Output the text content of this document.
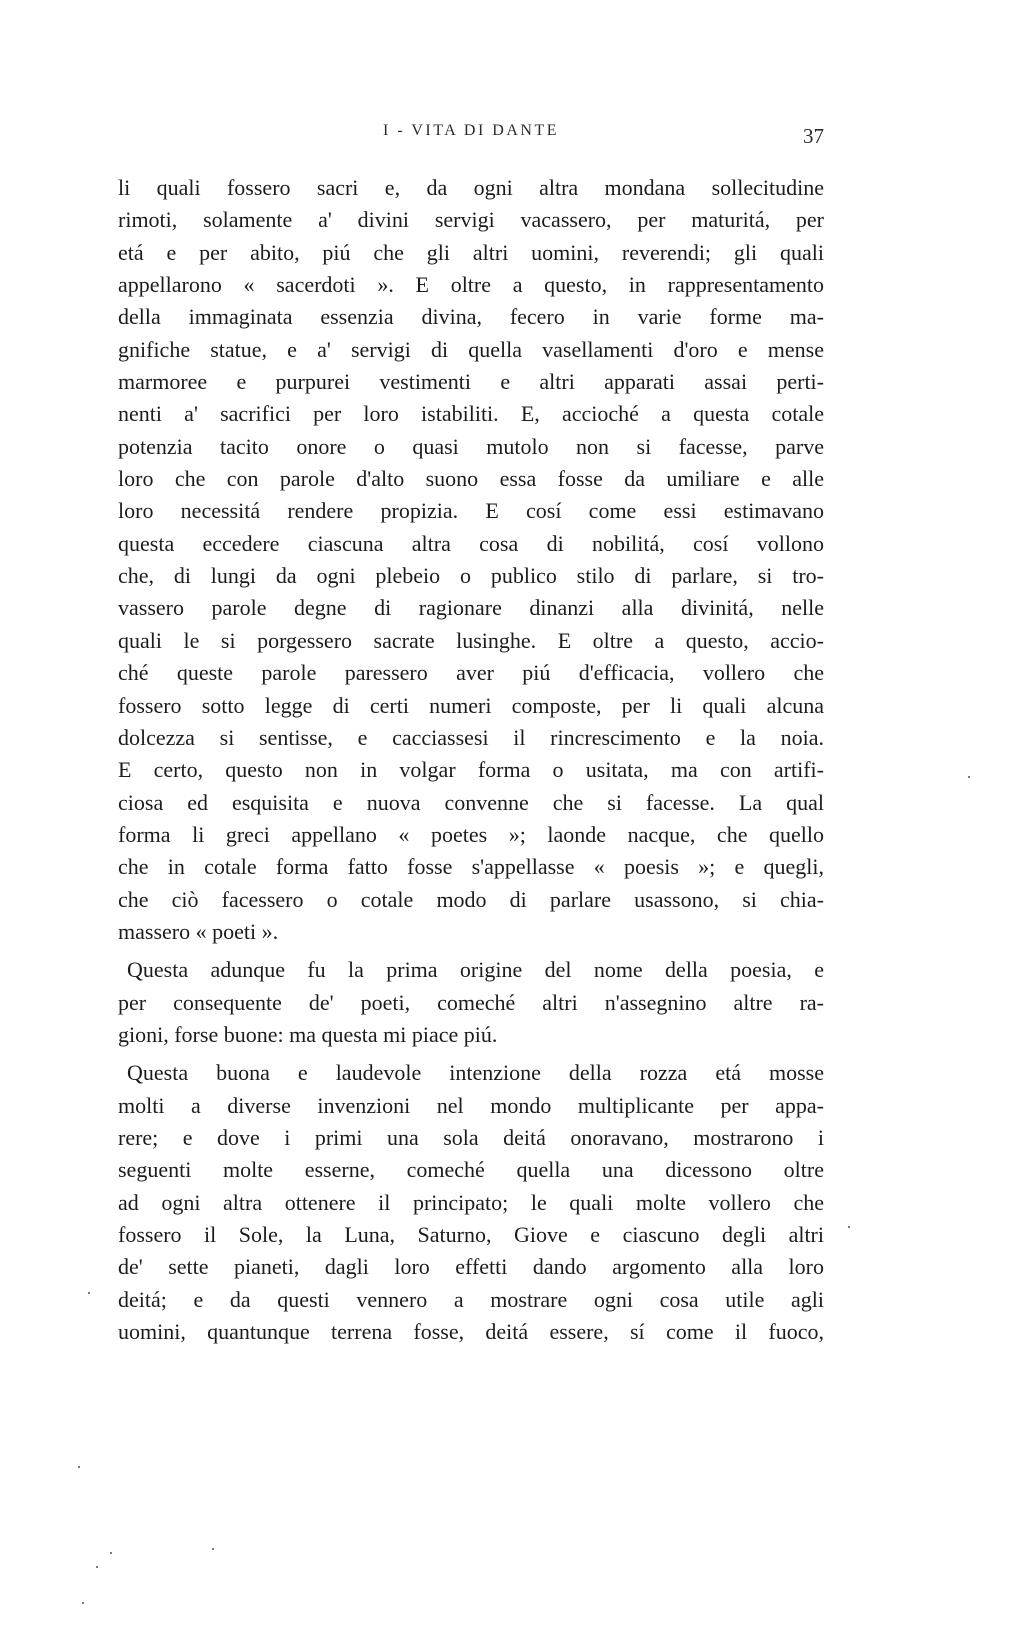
I - VITA DI DANTE	37
li quali fossero sacri e, da ogni altra mondana sollecitudine
rimoti, solamente a' divini servigi vacassero, per maturitá, per
etá e per abito, piú che gli altri uomini, reverendi; gli quali
appellarono « sacerdoti ». E oltre a questo, in rappresentamento
della immaginata essenzia divina, fecero in varie forme ma-
gnifiche statue, e a' servigi di quella vasellamenti d'oro e mense
marmoree e purpurei vestimenti e altri apparati assai perti-
nenti a' sacrifici per loro istabiliti. E, accioché a questa cotale
potenzia tacito onore o quasi mutolo non si facesse, parve
loro che con parole d'alto suono essa fosse da umiliare e alle
loro necessitá rendere propizia. E cosí come essi estimavano
questa eccedere ciascuna altra cosa di nobilitá, cosí vollono
che, di lungi da ogni plebeio o publico stilo di parlare, si tro-
vassero parole degne di ragionare dinanzi alla divinitá, nelle
quali le si porgessero sacrate lusinghe. E oltre a questo, accio-
ché queste parole paressero aver piú d'efficacia, vollero che
fossero sotto legge di certi numeri composte, per li quali alcuna
dolcezza si sentisse, e cacciassesi il rincrescimento e la noia.
E certo, questo non in volgar forma o usitata, ma con artifi-
ciosa ed esquisita e nuova convenne che si facesse. La qual
forma li greci appellano « poetes »; laonde nacque, che quello
che in cotale forma fatto fosse s'appellasse « poesis »; e quegli,
che ciò facessero o cotale modo di parlare usassono, si chia-
massero « poeti ».
Questa adunque fu la prima origine del nome della poesia, e
per consequente de' poeti, comeché altri n'assegnino altre ra-
gioni, forse buone: ma questa mi piace piú.
Questa buona e laudevole intenzione della rozza etá mosse
molti a diverse invenzioni nel mondo multiplicante per appa-
rere; e dove i primi una sola deitá onoravano, mostrarono i
seguenti molte esserne, comeché quella una dicessono oltre
ad ogni altra ottenere il principato; le quali molte vollero che
fossero il Sole, la Luna, Saturno, Giove e ciascuno degli altri
de' sette pianeti, dagli loro effetti dando argomento alla loro
deitá; e da questi vennero a mostrare ogni cosa utile agli
uomini, quantunque terrena fosse, deitá essere, sí come il fuoco,
